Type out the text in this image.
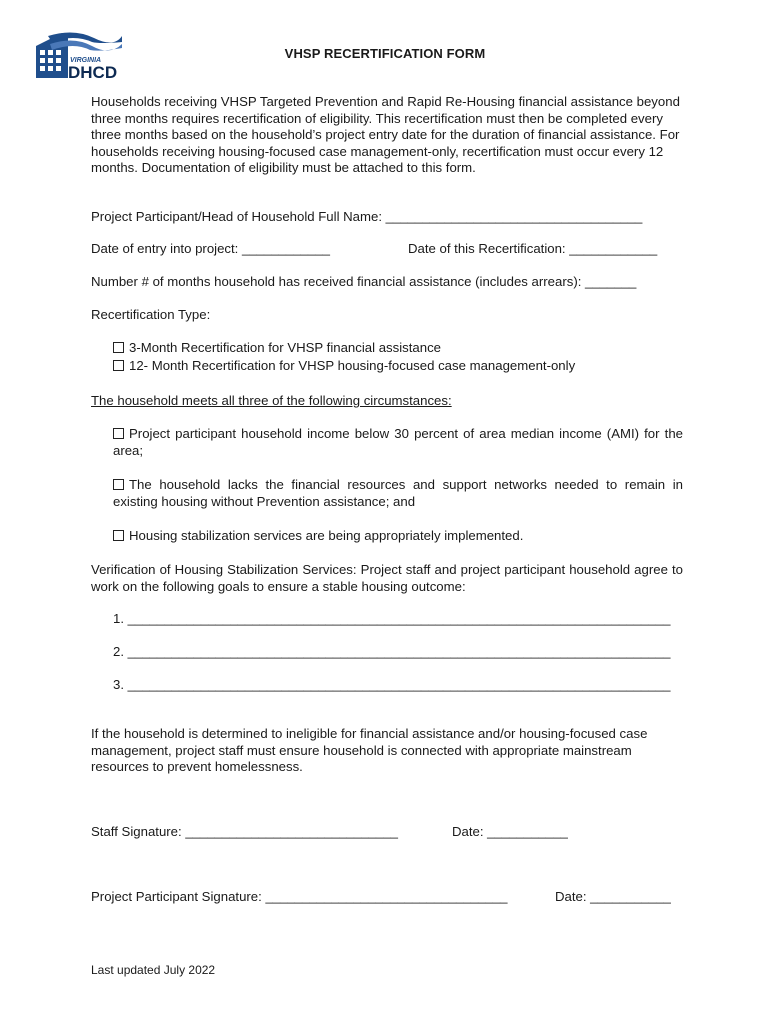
VIRGINIA
DHCD
VHSP RECERTIFICATION FORM
Households receiving VHSP Targeted Prevention and Rapid Re-Housing financial assistance beyond three months requires recertification of eligibility. This recertification must then be completed every three months based on the household’s project entry date for the duration of financial assistance. For households receiving housing-focused case management-only, recertification must occur every 12 months. Documentation of eligibility must be attached to this form.
Project Participant/Head of Household Full Name: ___________________________________
Date of entry into project: ____________	Date of this Recertification: ____________
Number # of months household has received financial assistance (includes arrears): _______
Recertification Type:
3-Month Recertification for VHSP financial assistance
12- Month Recertification for VHSP housing-focused case management-only
The household meets all three of the following circumstances:
Project participant household income below 30 percent of area median income (AMI) for the area;
The household lacks the financial resources and support networks needed to remain in existing housing without Prevention assistance; and
Housing stabilization services are being appropriately implemented.
Verification of Housing Stabilization Services: Project staff and project participant household agree to work on the following goals to ensure a stable housing outcome:
1. __________________________________________________________________________
2. __________________________________________________________________________
3. __________________________________________________________________________
If the household is determined to ineligible for financial assistance and/or housing-focused case management, project staff must ensure household is connected with appropriate mainstream resources to prevent homelessness.
Staff Signature: _____________________________	Date: ___________
Project Participant Signature: _________________________________	Date: ___________
Last updated July 2022
